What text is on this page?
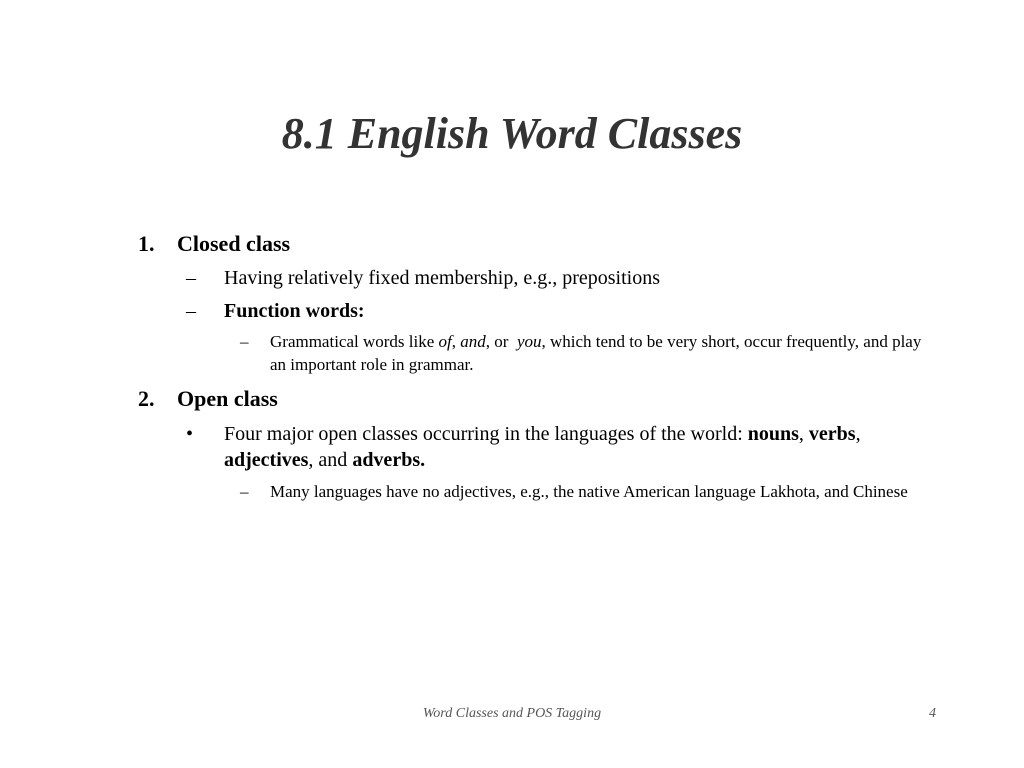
8.1 English Word Classes
1. Closed class
– Having relatively fixed membership, e.g., prepositions
– Function words:
– Grammatical words like of, and, or  you, which tend to be very short, occur frequently, and play an important role in grammar.
2. Open class
• Four major open classes occurring in the languages of the world: nouns, verbs, adjectives, and adverbs.
– Many languages have no adjectives, e.g., the native American language Lakhota, and Chinese
Word Classes and POS Tagging	4
